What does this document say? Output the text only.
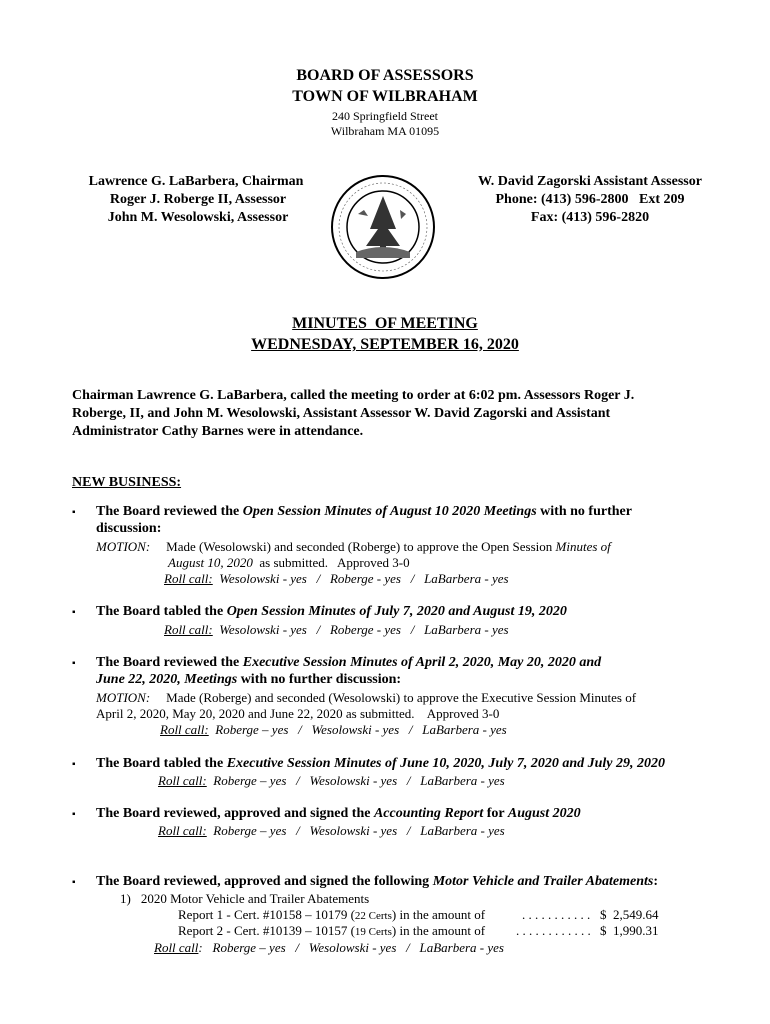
BOARD OF ASSESSORS
TOWN OF WILBRAHAM
240 Springfield Street
Wilbraham MA 01095
Lawrence G. LaBarbera, Chairman
Roger J. Roberge II, Assessor
John M. Wesolowski, Assessor
W. David Zagorski Assistant Assessor
Phone: (413) 596-2800   Ext 209
Fax: (413) 596-2820
MINUTES  OF MEETING
WEDNESDAY, SEPTEMBER 16, 2020
Chairman Lawrence G. LaBarbera, called the meeting to order at 6:02 pm. Assessors Roger J.
Roberge, II, and John M. Wesolowski, Assistant Assessor W. David Zagorski and Assistant
Administrator Cathy Barnes were in attendance.
NEW BUSINESS:
▪ The Board reviewed the Open Session Minutes of August 10 2020 Meetings with no further
discussion:
MOTION: Made (Wesolowski) and seconded (Roberge) to approve the Open Session Minutes of
August 10, 2020  as submitted.   Approved 3-0
Roll call:  Wesolowski - yes   /   Roberge - yes   /   LaBarbera - yes
▪ The Board tabled the Open Session Minutes of July 7, 2020 and August 19, 2020
Roll call:  Wesolowski - yes   /   Roberge - yes   /   LaBarbera - yes
▪ The Board reviewed the Executive Session Minutes of April 2, 2020, May 20, 2020 and
June 22, 2020, Meetings with no further discussion:
MOTION: Made (Roberge) and seconded (Wesolowski) to approve the Executive Session Minutes of
April 2, 2020, May 20, 2020 and June 22, 2020 as submitted.    Approved 3-0
Roll call:  Roberge – yes   /   Wesolowski - yes   /   LaBarbera - yes
▪ The Board tabled the Executive Session Minutes of June 10, 2020, July 7, 2020 and July 29, 2020
Roll call:  Roberge – yes   /   Wesolowski - yes   /   LaBarbera - yes
▪ The Board reviewed, approved and signed the Accounting Report for August 2020
Roll call:  Roberge – yes   /   Wesolowski - yes   /   LaBarbera - yes
▪ The Board reviewed, approved and signed the following Motor Vehicle and Trailer Abatements:
1) 2020 Motor Vehicle and Trailer Abatements
Report 1 - Cert. #10158 – 10179 (22 Certs) in the amount of	. . . . . . . . . . . $  2,549.64
Report 2 - Cert. #10139 – 10157 (19 Certs) in the amount of . . . . . . . . . . . . $  1,990.31
Roll call:   Roberge – yes   /   Wesolowski - yes   /   LaBarbera - yes
